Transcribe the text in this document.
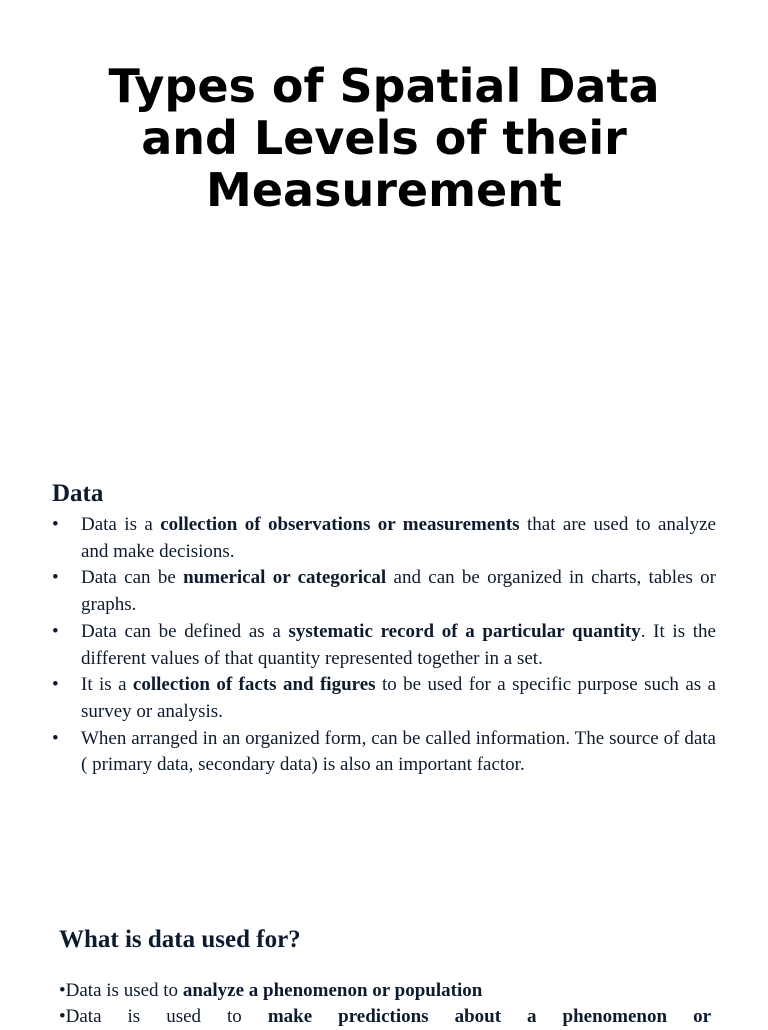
Types of Spatial Data and Levels of their Measurement
Data
•	Data is a collection of observations or measurements that are used to analyze and make decisions.
•	Data can be numerical or categorical and can be organized in charts, tables or graphs.
•	Data can be defined as a systematic record of a particular quantity. It is the different values of that quantity represented together in a set.
•	It is a collection of facts and figures to be used for a specific purpose such as a survey or analysis.
•	When arranged in an organized form, can be called information. The source of data ( primary data, secondary data) is also an important factor.
What is data used for?
•Data is used to analyze a phenomenon or population
•Data is used to make predictions about a phenomenon or
